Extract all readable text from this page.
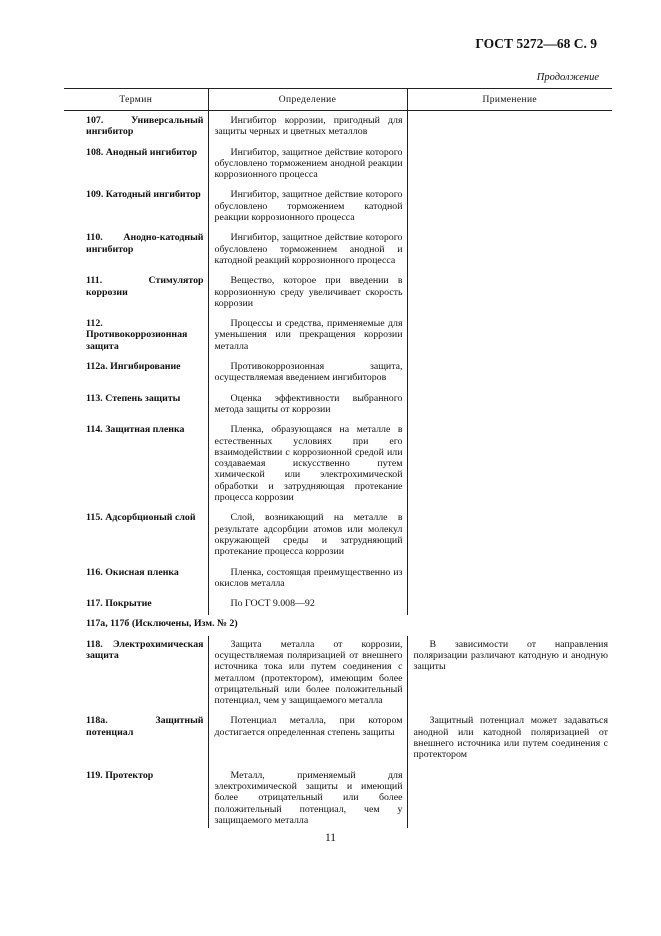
ГОСТ 5272—68 С. 9
Продолжение
Термин	Определение	Применение
107. Универсальный ингибитор	Ингибитор коррозии, пригодный для защиты черных и цветных металлов	
108. Анодный ингибитор	Ингибитор, защитное действие которого обусловлено торможением анодной реакции коррозионного процесса	
109. Катодный ингибитор	Ингибитор, защитное действие которого обусловлено торможением катодной реакции коррозионного процесса	
110. Анодно-катодный ингибитор	Ингибитор, защитное действие которого обусловлено торможением анодной и катодной реакций коррозионного процесса	
111. Стимулятор коррозии	Вещество, которое при введении в коррозионную среду увеличивает скорость коррозии	
112. Противокоррозионная защита	Процессы и средства, применяемые для уменьшения или прекращения коррозии металла	
112а. Ингибирование	Противокоррозионная защита, осуществляемая введением ингибиторов	
113. Степень защиты	Оценка эффективности выбранного метода защиты от коррозии	
114. Защитная пленка	Пленка, образующаяся на металле в естественных условиях при его взаимодействии с коррозионной средой или создаваемая искусственно путем химической или электрохимической обработки и затрудняющая протекание процесса коррозии	
115. Адсорбционый слой	Слой, возникающий на металле в результате адсорбции атомов или молекул окружающей среды и затрудняющий протекание процесса коррозии	
116. Окисная пленка	Пленка, состоящая преимущественно из окислов металла	
117. Покрытие	По ГОСТ 9.008—92	
117а, 117б (Исключены, Изм. № 2)		
118. Электрохимическая защита	Защита металла от коррозии, осуществляемая поляризацией от внешнего источника тока или путем соединения с металлом (протектором), имеющим более отрицательный или более положительный потенциал, чем у защищаемого металла	В зависимости от направления поляризации различают катодную и анодную защиты
118а. Защитный потенциал	Потенциал металла, при котором достигается определенная степень защиты	Защитный потенциал может задаваться анодной или катодной поляризацией от внешнего источника или путем соединения с протектором
119. Протектор	Металл, применяемый для электрохимической защиты и имеющий более отрицательный или более положительный потенциал, чем у защищаемого металла	
11
